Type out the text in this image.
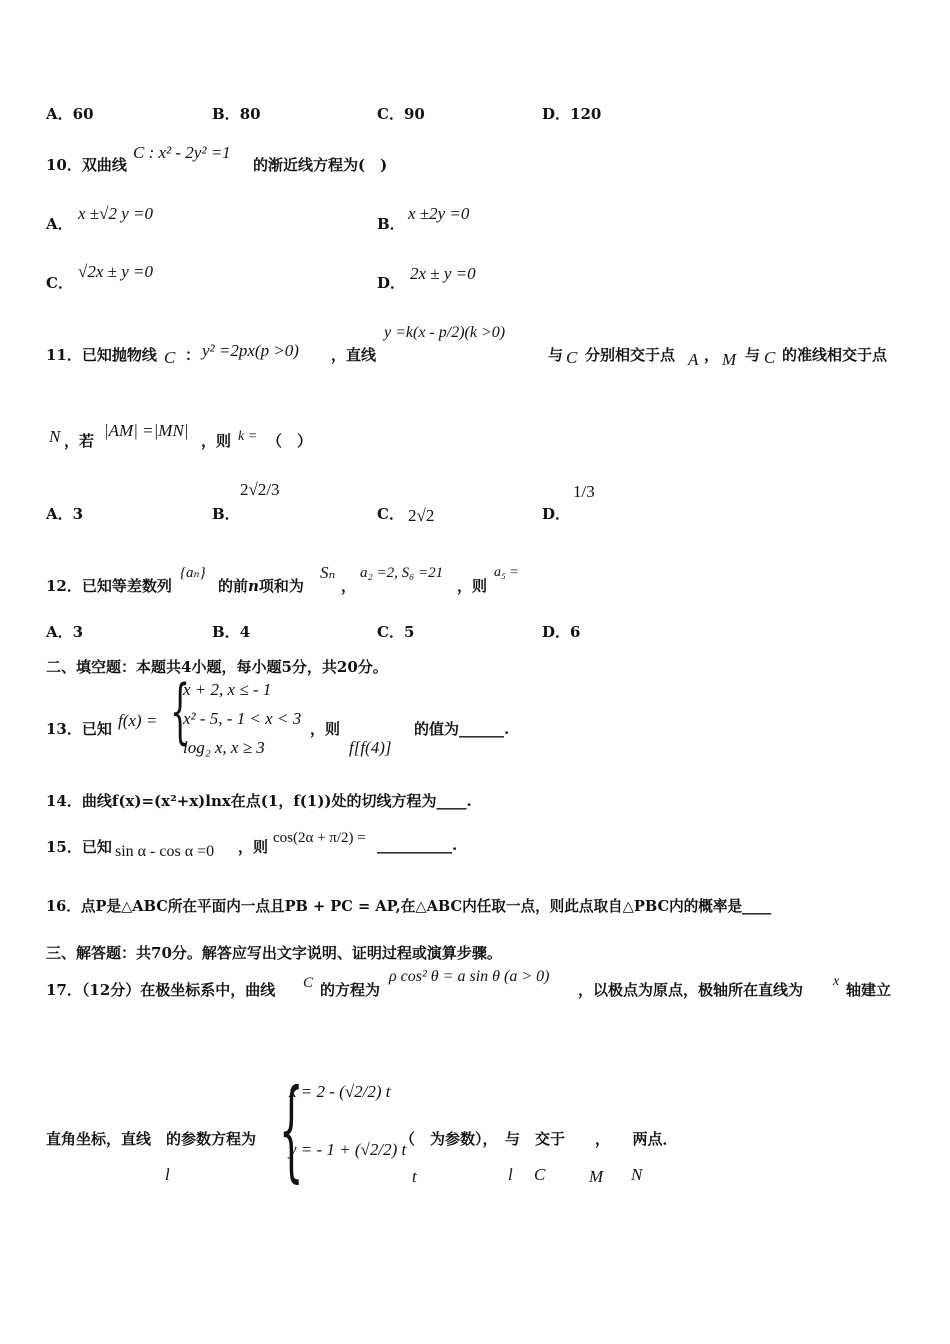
A．60	B．80	C．90	D．120
10．双曲线
C : x² - 2y² =1
的渐近线方程为(　)
A．
x ±√2 y =0
B．
x ±2y =0
C．
√2x ± y =0
D． 2x ± y =0
11．已知抛物线 C ： y² =2px(p >0) ，直线
y =k(x - p/2)(k >0)
与 C 分别相交于点 A ， M 与 C 的准线相交于点
N ，若
|AM| =|MN|
，则 k = （　）
A．3	B．
2√2/3
C． 2√2	D．
1/3
12．已知等差数列
{aₙ}
的前n项和为
Sₙ
，
a₂ =2, S₆ =21
，则
a₅ =
A．3	B．4	C．5	D．6
二、填空题：本题共4小题，每小题5分，共20分。
13．已知 f(x) = {
x + 2, x ≤ - 1
x² - 5, - 1 < x < 3
log₂ x, x ≥ 3
，则
f[f(4)]
的值为______.
14．曲线f(x)=(x²+x)lnx在点(1，f(1))处的切线方程为____.
15．已知 sin α - cos α =0 ，则 cos(2α + π/2) = __________.
16．点P是△ABC所在平面内一点且PB + PC = AP,在△ABC内任取一点，则此点取自△PBC内的概率是____
三、解答题：共70分。解答应写出文字说明、证明过程或演算步骤。
17．（12分）在极坐标系中，曲线 C 的方程为
ρ cos² θ = a sin θ (a > 0)
，以极点为原点，极轴所在直线为 x 轴建立
直角坐标，直线　的参数方程为 {
x = 2 - (√2/2) t
y = - 1 + (√2/2) t
（　为参数），　与　交于　　，　　两点．
l	t	l C	M N
